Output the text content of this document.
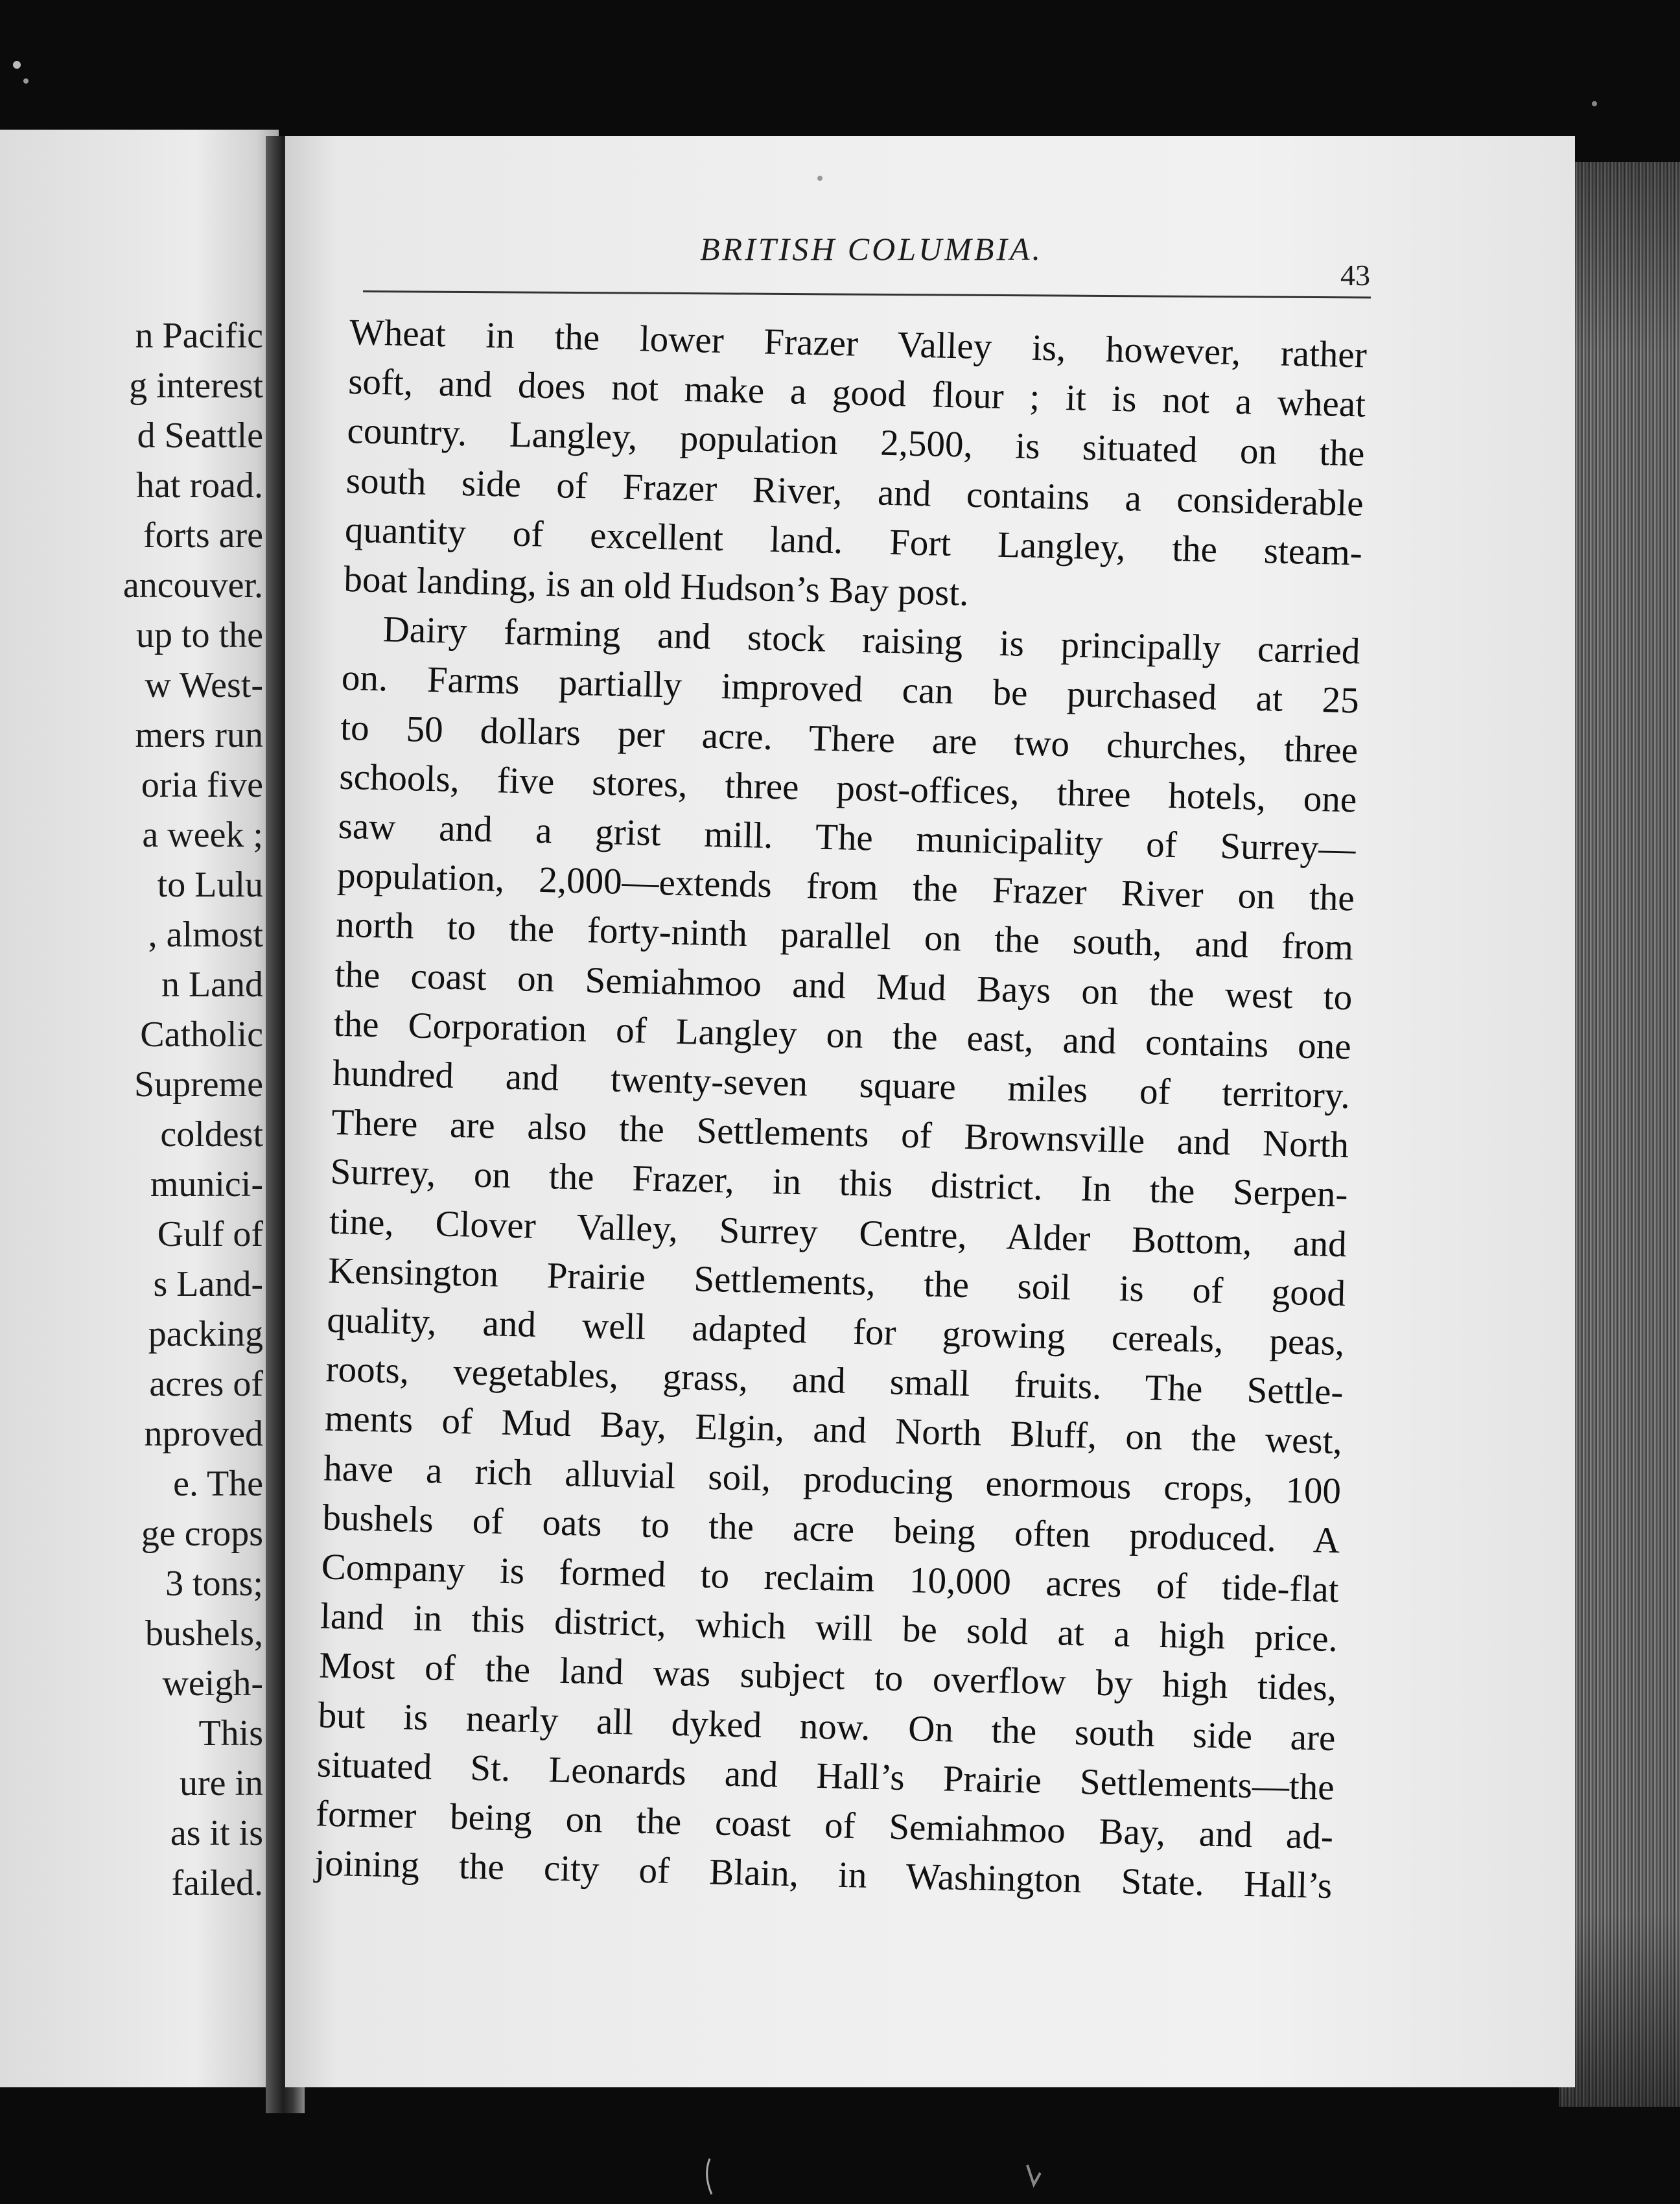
n Pacific
g interest
d Seattle
hat road.
forts are
ancouver.
up to the
w West-
mers run
oria five
a week ;
to Lulu
, almost
n Land
Catholic
Supreme
coldest
munici-
Gulf of
s Land-
packing
acres of
nproved
e. The
ge crops
3 tons;
bushels,
weigh-
This
ure in
as it is
failed.
BRITISH COLUMBIA.
43
Wheat in the lower Frazer Valley is, however, rather
soft, and does not make a good flour ; it is not a wheat
country. Langley, population 2,500, is situated on the
south side of Frazer River, and contains a considerable
quantity of excellent land. Fort Langley, the steam-
boat landing, is an old Hudson’s Bay post.
Dairy farming and stock raising is principally carried
on. Farms partially improved can be purchased at 25
to 50 dollars per acre. There are two churches, three
schools, five stores, three post-offices, three hotels, one
saw and a grist mill. The municipality of Surrey—
population, 2,000—extends from the Frazer River on the
north to the forty-ninth parallel on the south, and from
the coast on Semiahmoo and Mud Bays on the west to
the Corporation of Langley on the east, and contains one
hundred and twenty-seven square miles of territory.
There are also the Settlements of Brownsville and North
Surrey, on the Frazer, in this district. In the Serpen-
tine, Clover Valley, Surrey Centre, Alder Bottom, and
Kensington Prairie Settlements, the soil is of good
quality, and well adapted for growing cereals, peas,
roots, vegetables, grass, and small fruits. The Settle-
ments of Mud Bay, Elgin, and North Bluff, on the west,
have a rich alluvial soil, producing enormous crops, 100
bushels of oats to the acre being often produced. A
Company is formed to reclaim 10,000 acres of tide-flat
land in this district, which will be sold at a high price.
Most of the land was subject to overflow by high tides,
but is nearly all dyked now. On the south side are
situated St. Leonards and Hall’s Prairie Settlements—the
former being on the coast of Semiahmoo Bay, and ad-
joining the city of Blain, in Washington State. Hall’s
